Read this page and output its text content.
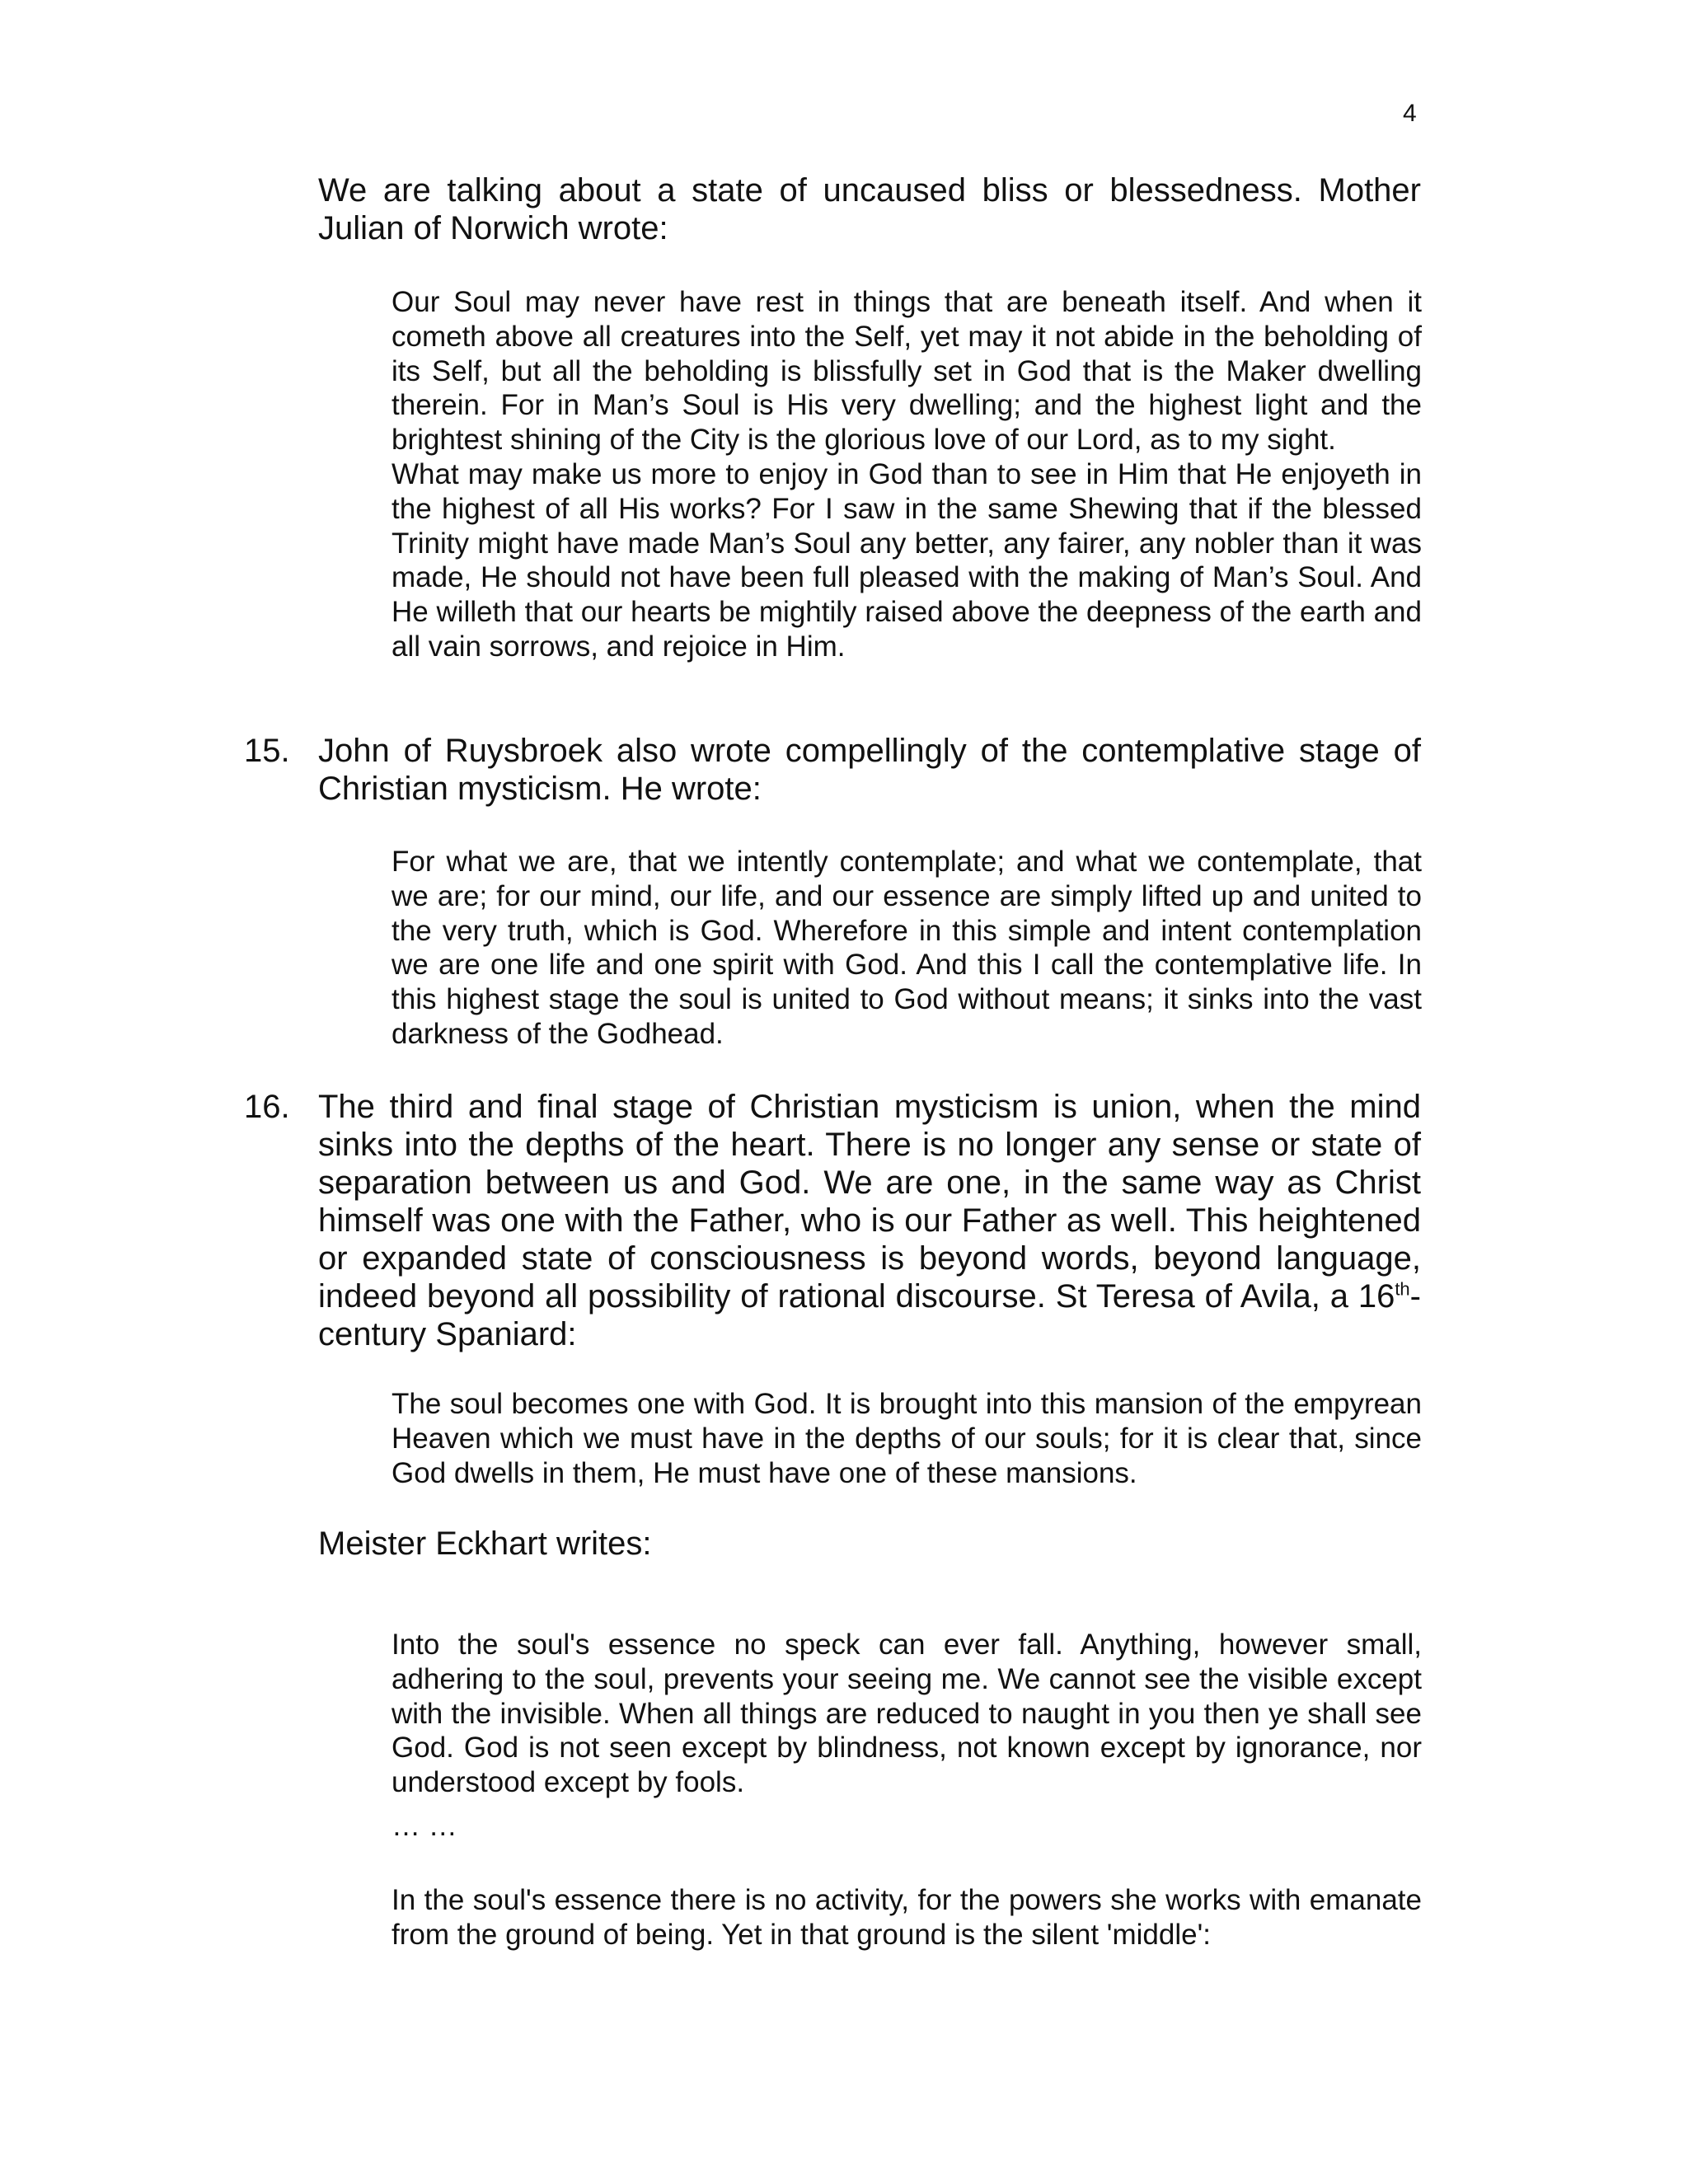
4

We are talking about a state of uncaused bliss or blessedness. Mother Julian of Norwich wrote:

Our Soul may never have rest in things that are beneath itself. And when it cometh above all creatures into the Self, yet may it not abide in the beholding of its Self, but all the beholding is blissfully set in God that is the Maker dwelling therein. For in Man’s Soul is His very dwelling; and the highest light and the brightest shining of the City is the glorious love of our Lord, as to my sight.

What may make us more to enjoy in God than to see in Him that He enjoyeth in the highest of all His works? For I saw in the same Shewing that if the blessed Trinity might have made Man’s Soul any better, any fairer, any nobler than it was made, He should not have been full pleased with the making of Man’s Soul. And He willeth that our hearts be mightily raised above the deepness of the earth and all vain sorrows, and rejoice in Him.

15. John of Ruysbroek also wrote compellingly of the contemplative stage of Christian mysticism. He wrote:

For what we are, that we intently contemplate; and what we contemplate, that we are; for our mind, our life, and our essence are simply lifted up and united to the very truth, which is God. Wherefore in this simple and intent contemplation we are one life and one spirit with God. And this I call the contemplative life. In this highest stage the soul is united to God without means; it sinks into the vast darkness of the Godhead.

16. The third and final stage of Christian mysticism is union, when the mind sinks into the depths of the heart. There is no longer any sense or state of separation between us and God. We are one, in the same way as Christ himself was one with the Father, who is our Father as well. This heightened or expanded state of consciousness is beyond words, beyond language, indeed beyond all possibility of rational discourse. St Teresa of Avila, a 16th-century Spaniard:

The soul becomes one with God. It is brought into this mansion of the empyrean Heaven which we must have in the depths of our souls; for it is clear that, since God dwells in them, He must have one of these mansions.

Meister Eckhart writes:

Into the soul's essence no speck can ever fall. Anything, however small, adhering to the soul, prevents your seeing me. We cannot see the visible except with the invisible. When all things are reduced to naught in you then ye shall see God. God is not seen except by blindness, not known except by ignorance, nor understood except by fools.

… …

In the soul's essence there is no activity, for the powers she works with emanate from the ground of being. Yet in that ground is the silent 'middle':
